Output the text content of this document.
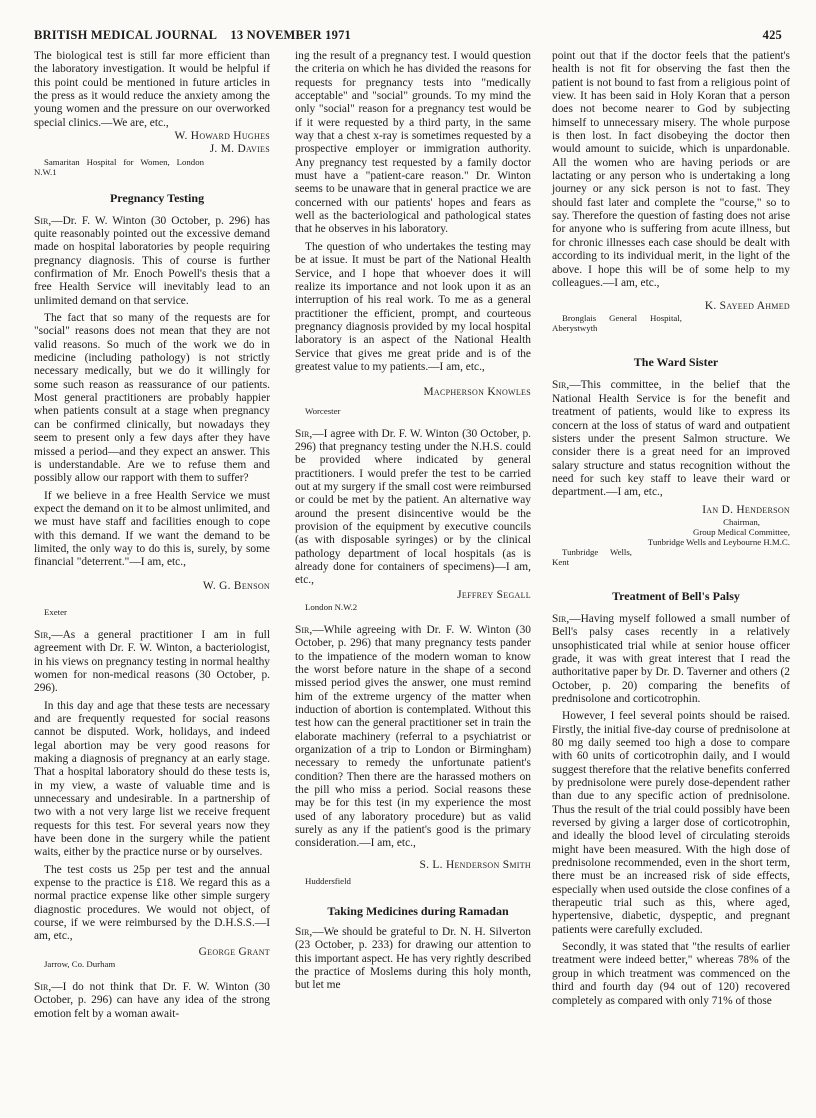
BRITISH MEDICAL JOURNAL 13 NOVEMBER 1971	425

The biological test is still far more efficient than the laboratory investigation. It would be helpful if this point could be mentioned in future articles in the press as it would reduce the anxiety among the young women and the pressure on our overworked special clinics.—We are, etc.,

W. Howard Hughes

J. M. Davies

Samaritan Hospital for Women, London N.W.1

Pregnancy Testing

Sir,—Dr. F. W. Winton (30 October, p. 296) has quite reasonably pointed out the excessive demand made on hospital laboratories by people requiring pregnancy diagnosis. This of course is further confirmation of Mr. Enoch Powell's thesis that a free Health Service will inevitably lead to an unlimited demand on that service.

The fact that so many of the requests are for "social" reasons does not mean that they are not valid reasons. So much of the work we do in medicine (including pathology) is not strictly necessary medically, but we do it willingly for some such reason as reassurance of our patients. Most general practitioners are probably happier when patients consult at a stage when pregnancy can be confirmed clinically, but nowadays they seem to present only a few days after they have missed a period—and they expect an answer. This is understandable. Are we to refuse them and possibly allow our rapport with them to suffer?

If we believe in a free Health Service we must expect the demand on it to be almost unlimited, and we must have staff and facilities enough to cope with this demand. If we want the demand to be limited, the only way to do this is, surely, by some financial "deterrent."—I am, etc.,

W. G. Benson

Exeter

Sir,—As a general practitioner I am in full agreement with Dr. F. W. Winton, a bacteriologist, in his views on pregnancy testing in normal healthy women for non-medical reasons (30 October, p. 296).

In this day and age that these tests are necessary and are frequently requested for social reasons cannot be disputed. Work, holidays, and indeed legal abortion may be very good reasons for making a diagnosis of pregnancy at an early stage. That a hospital laboratory should do these tests is, in my view, a waste of valuable time and is unnecessary and undesirable. In a partnership of two with a not very large list we receive frequent requests for this test. For several years now they have been done in the surgery while the patient waits, either by the practice nurse or by ourselves.

The test costs us 25p per test and the annual expense to the practice is £18. We regard this as a normal practice expense like other simple surgery diagnostic procedures. We would not object, of course, if we were reimbursed by the D.H.S.S.—I am, etc.,

George Grant

Jarrow, Co. Durham

Sir,—I do not think that Dr. F. W. Winton (30 October, p. 296) can have any idea of the strong emotion felt by a woman await-

ing the result of a pregnancy test. I would question the criteria on which he has divided the reasons for requests for pregnancy tests into "medically acceptable" and "social" grounds. To my mind the only "social" reason for a pregnancy test would be if it were requested by a third party, in the same way that a chest x-ray is sometimes requested by a prospective employer or immigration authority. Any pregnancy test requested by a family doctor must have a "patient-care reason." Dr. Winton seems to be unaware that in general practice we are concerned with our patients' hopes and fears as well as the bacteriological and pathological states that he observes in his laboratory.

The question of who undertakes the testing may be at issue. It must be part of the National Health Service, and I hope that whoever does it will realize its importance and not look upon it as an interruption of his real work. To me as a general practitioner the efficient, prompt, and courteous pregnancy diagnosis provided by my local hospital laboratory is an aspect of the National Health Service that gives me great pride and is of the greatest value to my patients.—I am, etc.,

Macpherson Knowles

Worcester

Sir,—I agree with Dr. F. W. Winton (30 October, p. 296) that pregnancy testing under the N.H.S. could be provided where indicated by general practitioners. I would prefer the test to be carried out at my surgery if the small cost were reimbursed or could be met by the patient. An alternative way around the present disincentive would be the provision of the equipment by executive councils (as with disposable syringes) or by the clinical pathology department of local hospitals (as is already done for containers of specimens)—I am, etc.,

Jeffrey Segall

London N.W.2

Sir,—While agreeing with Dr. F. W. Winton (30 October, p. 296) that many pregnancy tests pander to the impatience of the modern woman to know the worst before nature in the shape of a second missed period gives the answer, one must remind him of the extreme urgency of the matter when induction of abortion is contemplated. Without this test how can the general practitioner set in train the elaborate machinery (referral to a psychiatrist or organization of a trip to London or Birmingham) necessary to remedy the unfortunate patient's condition? Then there are the harassed mothers on the pill who miss a period. Social reasons these may be for this test (in my experience the most used of any laboratory procedure) but as valid surely as any if the patient's good is the primary consideration.—I am, etc.,

S. L. Henderson Smith

Huddersfield

Taking Medicines during Ramadan

Sir,—We should be grateful to Dr. N. H. Silverton (23 October, p. 233) for drawing our attention to this important aspect. He has very rightly described the practice of Moslems during this holy month, but let me

point out that if the doctor feels that the patient's health is not fit for observing the fast then the patient is not bound to fast from a religious point of view. It has been said in Holy Koran that a person does not become nearer to God by subjecting himself to unnecessary misery. The whole purpose is then lost. In fact disobeying the doctor then would amount to suicide, which is unpardonable. All the women who are having periods or are lactating or any person who is undertaking a long journey or any sick person is not to fast. They should fast later and complete the "course," so to say. Therefore the question of fasting does not arise for anyone who is suffering from acute illness, but for chronic illnesses each case should be dealt with according to its individual merit, in the light of the above. I hope this will be of some help to my colleagues.—I am, etc.,

K. Sayeed Ahmed

Bronglais General Hospital, Aberystwyth

The Ward Sister

Sir,—This committee, in the belief that the National Health Service is for the benefit and treatment of patients, would like to express its concern at the loss of status of ward and outpatient sisters under the present Salmon structure. We consider there is a great need for an improved salary structure and status recognition without the need for such key staff to leave their ward or department.—I am, etc.,

Ian D. Henderson

Chairman,

Group Medical Committee,

Tunbridge Wells and Leybourne H.M.C.

Tunbridge Wells, Kent

Treatment of Bell's Palsy

Sir,—Having myself followed a small number of Bell's palsy cases recently in a relatively unsophisticated trial while at senior house officer grade, it was with great interest that I read the authoritative paper by Dr. D. Taverner and others (2 October, p. 20) comparing the benefits of prednisolone and corticotrophin.

However, I feel several points should be raised. Firstly, the initial five-day course of prednisolone at 80 mg daily seemed too high a dose to compare with 60 units of corticotrophin daily, and I would suggest therefore that the relative benefits conferred by prednisolone were purely dose-dependent rather than due to any specific action of prednisolone. Thus the result of the trial could possibly have been reversed by giving a larger dose of corticotrophin, and ideally the blood level of circulating steroids might have been measured. With the high dose of prednisolone recommended, even in the short term, there must be an increased risk of side effects, especially when used outside the close confines of a therapeutic trial such as this, where aged, hypertensive, diabetic, dyspeptic, and pregnant patients were carefully excluded.

Secondly, it was stated that "the results of earlier treatment were indeed better," whereas 78% of the group in which treatment was commenced on the third and fourth day (94 out of 120) recovered completely as compared with only 71% of those
